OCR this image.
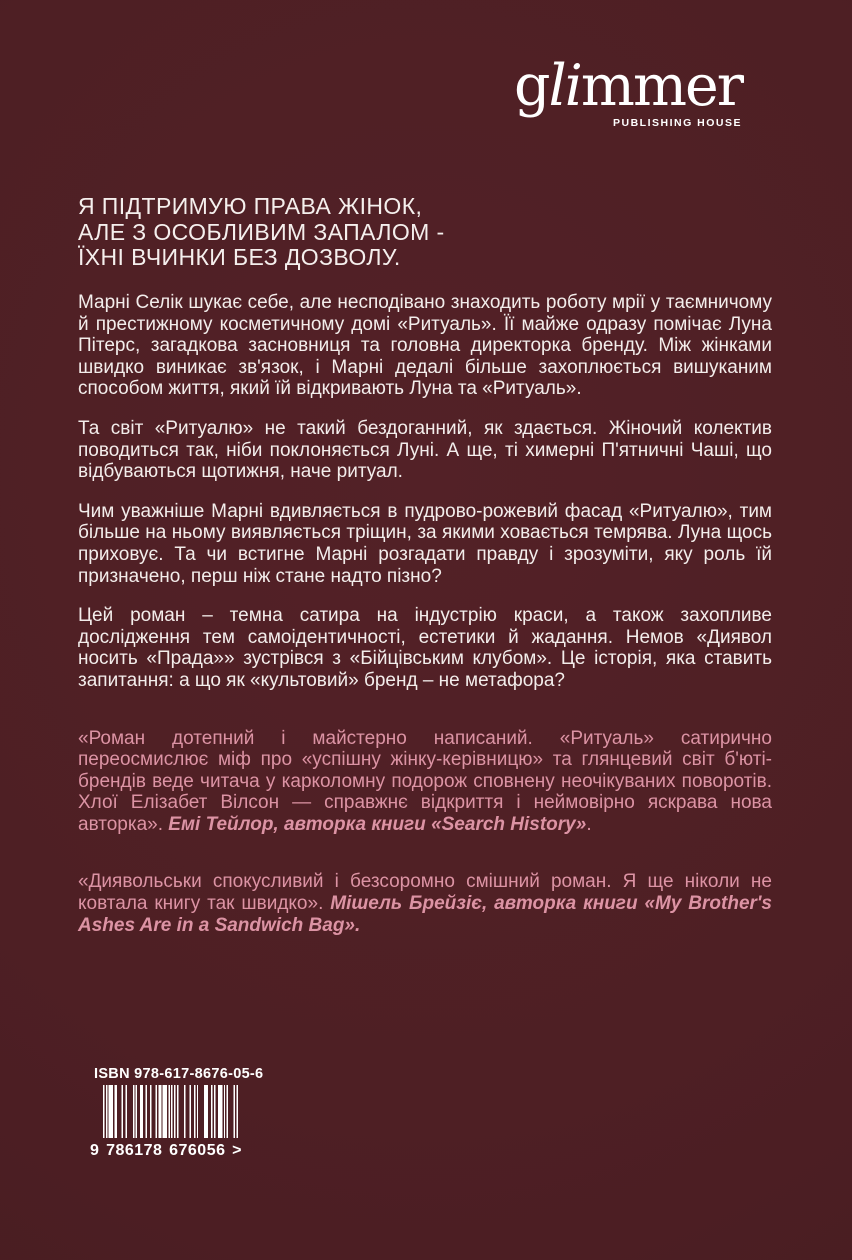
glimmer
PUBLISHING HOUSE
Я ПІДТРИМУЮ ПРАВА ЖІНОК,
АЛЕ З ОСОБЛИВИМ ЗАПАЛОМ -
ЇХНІ ВЧИНКИ БЕЗ ДОЗВОЛУ.

Марні Селік шукає себе, але несподівано знаходить роботу мрії у таємничому й престижному косметичному домі «Ритуаль». Її майже одразу помічає Луна Пітерс, загадкова засновниця та головна директорка бренду. Між жінками швидко виникає зв'язок, і Марні дедалі більше захоплюється вишуканим способом життя, який їй відкривають Луна та «Ритуаль».

Та світ «Ритуалю» не такий бездоганний, як здається. Жіночий колектив поводиться так, ніби поклоняється Луні. А ще, ті химерні П'ятничні Чаші, що відбуваються щотижня, наче ритуал.

Чим уважніше Марні вдивляється в пудрово-рожевий фасад «Ритуалю», тим більше на ньому виявляється тріщин, за якими ховається темрява. Луна щось приховує. Та чи встигне Марні розгадати правду і зрозуміти, яку роль їй призначено, перш ніж стане надто пізно?

Цей роман – темна сатира на індустрію краси, а також захопливе дослідження тем самоідентичності, естетики й жадання. Немов «Диявол носить «Прада»» зустрівся з «Бійцівським клубом». Це історія, яка ставить запитання: а що як «культовий» бренд – не метафора?

«Роман дотепний і майстерно написаний. «Ритуаль» сатирично переосмислює міф про «успішну жінку-керівницю» та глянцевий світ б'юті-брендів веде читача у карколомну подорож сповнену неочікуваних поворотів. Хлої Елізабет Вілсон — справжнє відкриття і неймовірно яскрава нова авторка». Емі Тейлор, авторка книги «Search History».

«Диявольськи спокусливий і безсоромно смішний роман. Я ще ніколи не ковтала книгу так швидко». Мішель Брейзіє, авторка книги «My Brother's Ashes Are in a Sandwich Bag».

ISBN 978-617-8676-05-6
9 786178 676056 >
